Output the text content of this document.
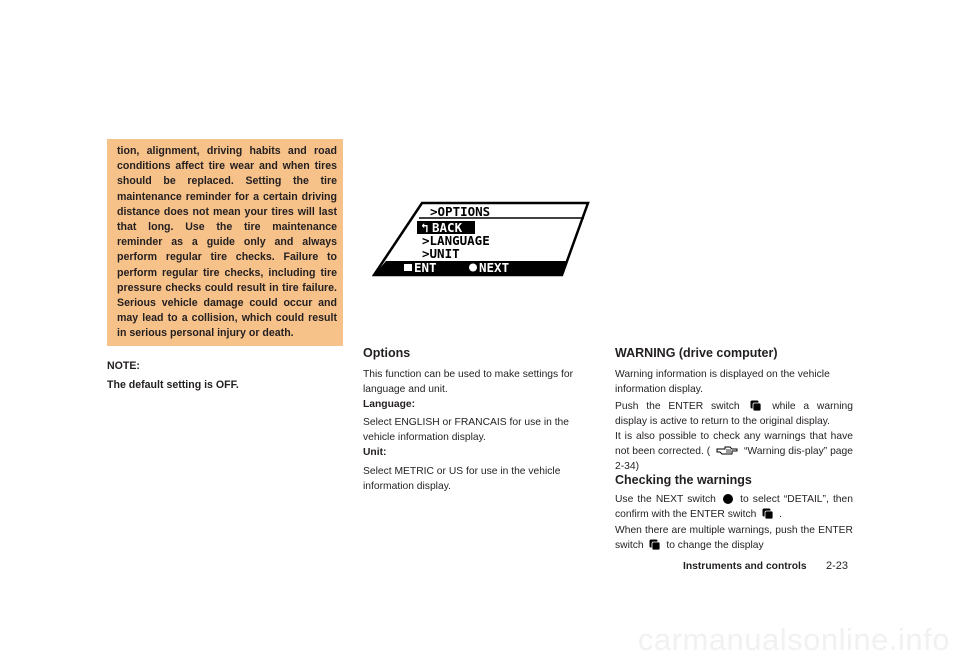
tion, alignment, driving habits and road conditions affect tire wear and when tires should be replaced. Setting the tire maintenance reminder for a certain driving distance does not mean your tires will last that long. Use the tire maintenance reminder as a guide only and always perform regular tire checks. Failure to perform regular tire checks, including tire pressure checks could result in tire failure. Serious vehicle damage could occur and may lead to a collision, which could result in serious personal injury or death.
NOTE:
The default setting is OFF.
>OPTIONS
↰ BACK
>LANGUAGE
>UNIT
ENT	NEXT
Options
This function can be used to make settings for language and unit.
Language:
Select ENGLISH or FRANCAIS for use in the vehicle information display.
Unit:
Select METRIC or US for use in the vehicle information display.
WARNING (drive computer)
Warning information is displayed on the vehicle information display.
Push the ENTER switch	while a warning display is active to return to the original display.
It is also possible to check any warnings that have not been corrected. (	“Warning dis-play” page 2-34)
Checking the warnings
Use the NEXT switch to select “DETAIL”, then confirm with the ENTER switch .
When there are multiple warnings, push the ENTER switch to change the display
Instruments and controls 2-23
carmanualsonline.info
